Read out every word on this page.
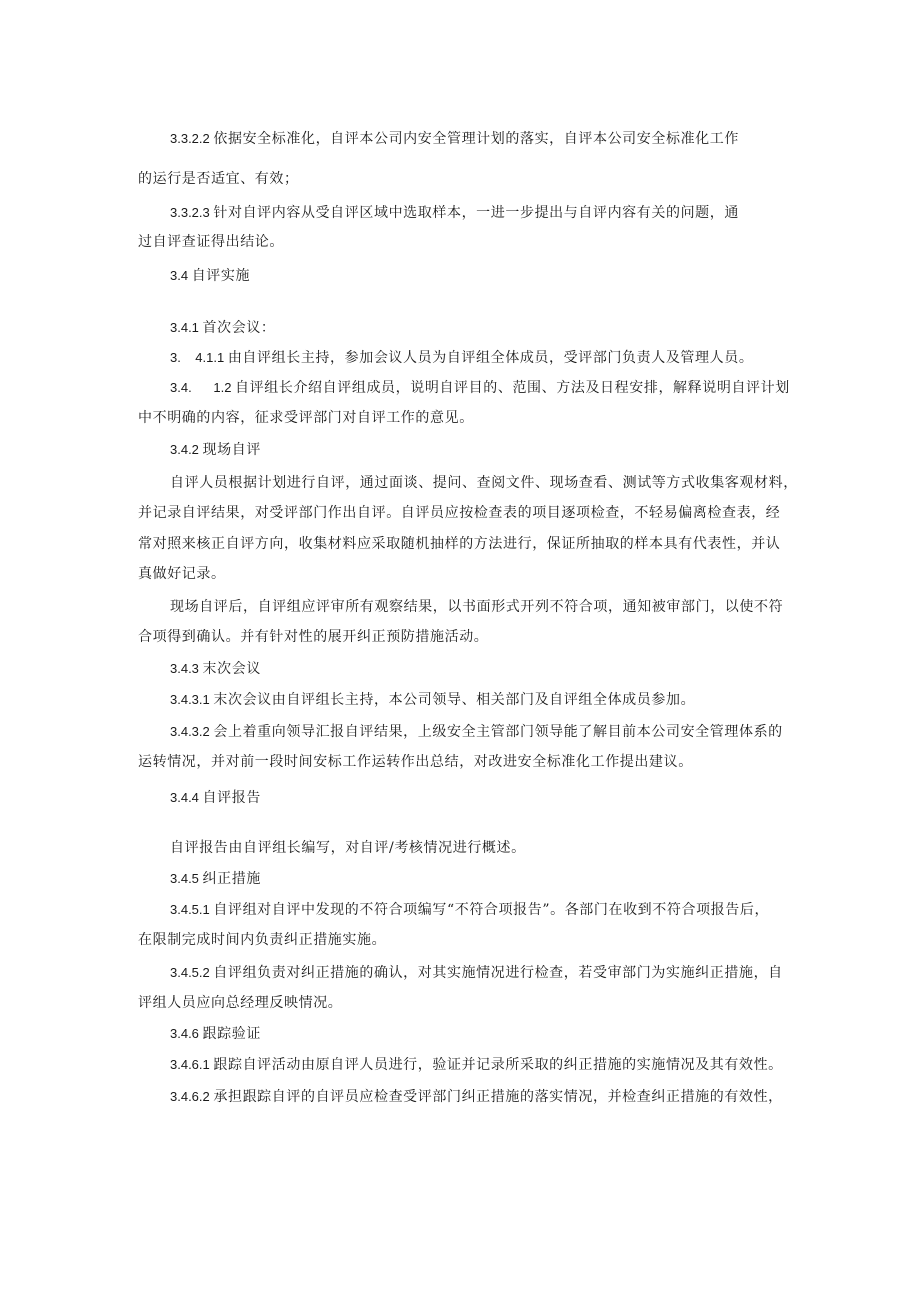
3.3.2.2 依据安全标准化，自评本公司内安全管理计划的落实，自评本公司安全标准化工作
的运行是否适宜、有效；
3.3.2.3 针对自评内容从受自评区域中选取样本，一进一步提出与自评内容有关的问题，通
过自评查证得出结论。
3.4 自评实施
3.4.1 首次会议：
3.    4.1.1 由自评组长主持，参加会议人员为自评组全体成员，受评部门负责人及管理人员。
3.4.      1.2 自评组长介绍自评组成员，说明自评目的、范围、方法及日程安排，解释说明自评计划
中不明确的内容，征求受评部门对自评工作的意见。
3.4.2 现场自评
自评人员根据计划进行自评，通过面谈、提问、查阅文件、现场查看、测试等方式收集客观材料，
并记录自评结果，对受评部门作出自评。自评员应按检查表的项目逐项检查，不轻易偏离检查表，经
常对照来核正自评方向，收集材料应采取随机抽样的方法进行，保证所抽取的样本具有代表性，并认
真做好记录。
现场自评后，自评组应评审所有观察结果，以书面形式开列不符合项，通知被审部门，以使不符
合项得到确认。并有针对性的展开纠正预防措施活动。
3.4.3 末次会议
3.4.3.1 末次会议由自评组长主持，本公司领导、相关部门及自评组全体成员参加。
3.4.3.2 会上着重向领导汇报自评结果，上级安全主管部门领导能了解目前本公司安全管理体系的
运转情况，并对前一段时间安标工作运转作出总结，对改进安全标准化工作提出建议。
3.4.4 自评报告
自评报告由自评组长编写，对自评/考核情况进行概述。
3.4.5 纠正措施
3.4.5.1 自评组对自评中发现的不符合项编写“不符合项报告”。各部门在收到不符合项报告后，
在限制完成时间内负责纠正措施实施。
3.4.5.2 自评组负责对纠正措施的确认，对其实施情况进行检查，若受审部门为实施纠正措施，自
评组人员应向总经理反映情况。
3.4.6 跟踪验证
3.4.6.1 跟踪自评活动由原自评人员进行，验证并记录所采取的纠正措施的实施情况及其有效性。
3.4.6.2 承担跟踪自评的自评员应检查受评部门纠正措施的落实情况，并检查纠正措施的有效性，
